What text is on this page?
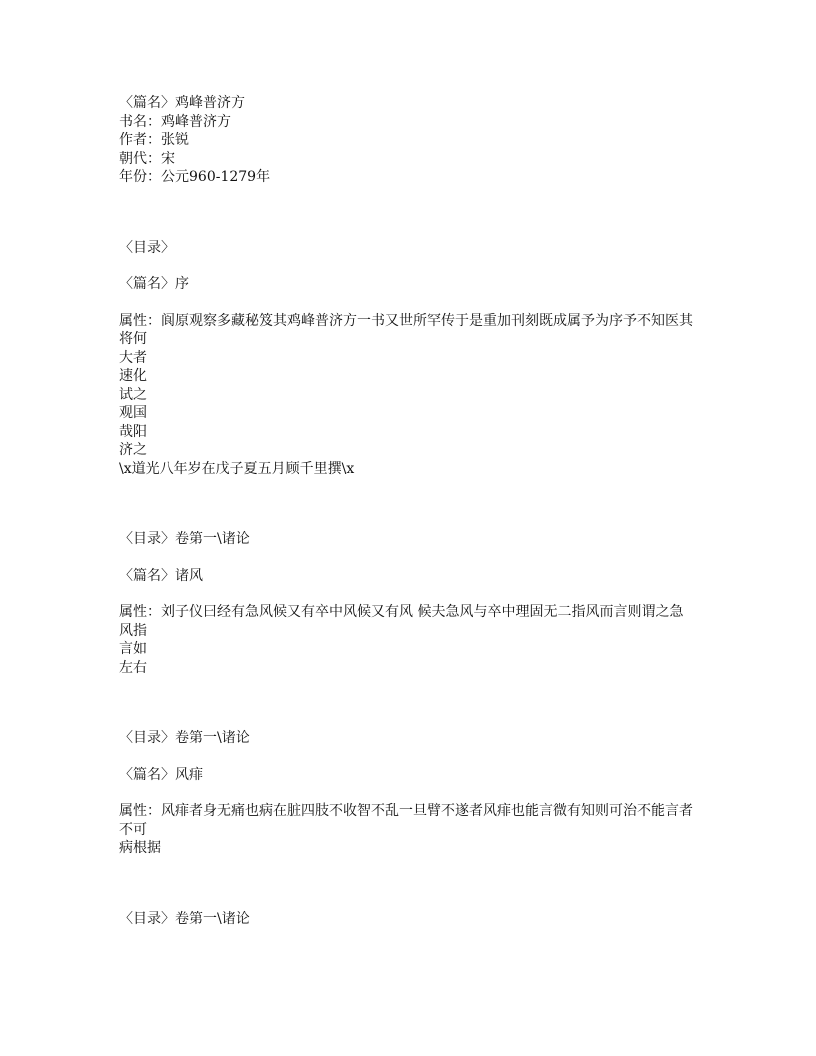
〈篇名〉鸡峰普济方
书名：鸡峰普济方
作者：张锐
朝代：宋
年份：公元960-1279年
〈目录〉
〈篇名〉序
属性：阆原观察多藏秘笈其鸡峰普济方一书又世所罕传于是重加刊刻既成属予为序予不知医其
将何
大者
速化
试之
观国
哉阳
济之
\x道光八年岁在戊子夏五月顾千里撰\x
〈目录〉卷第一\诸论
〈篇名〉诸风
属性：刘子仪曰经有急风候又有卒中风候又有风 候夫急风与卒中理固无二指风而言则谓之急
风指
言如
左右
〈目录〉卷第一\诸论
〈篇名〉风痱
属性：风痱者身无痛也病在脏四肢不收智不乱一旦臂不遂者风痱也能言微有知则可治不能言者
不可
病根据
〈目录〉卷第一\诸论
